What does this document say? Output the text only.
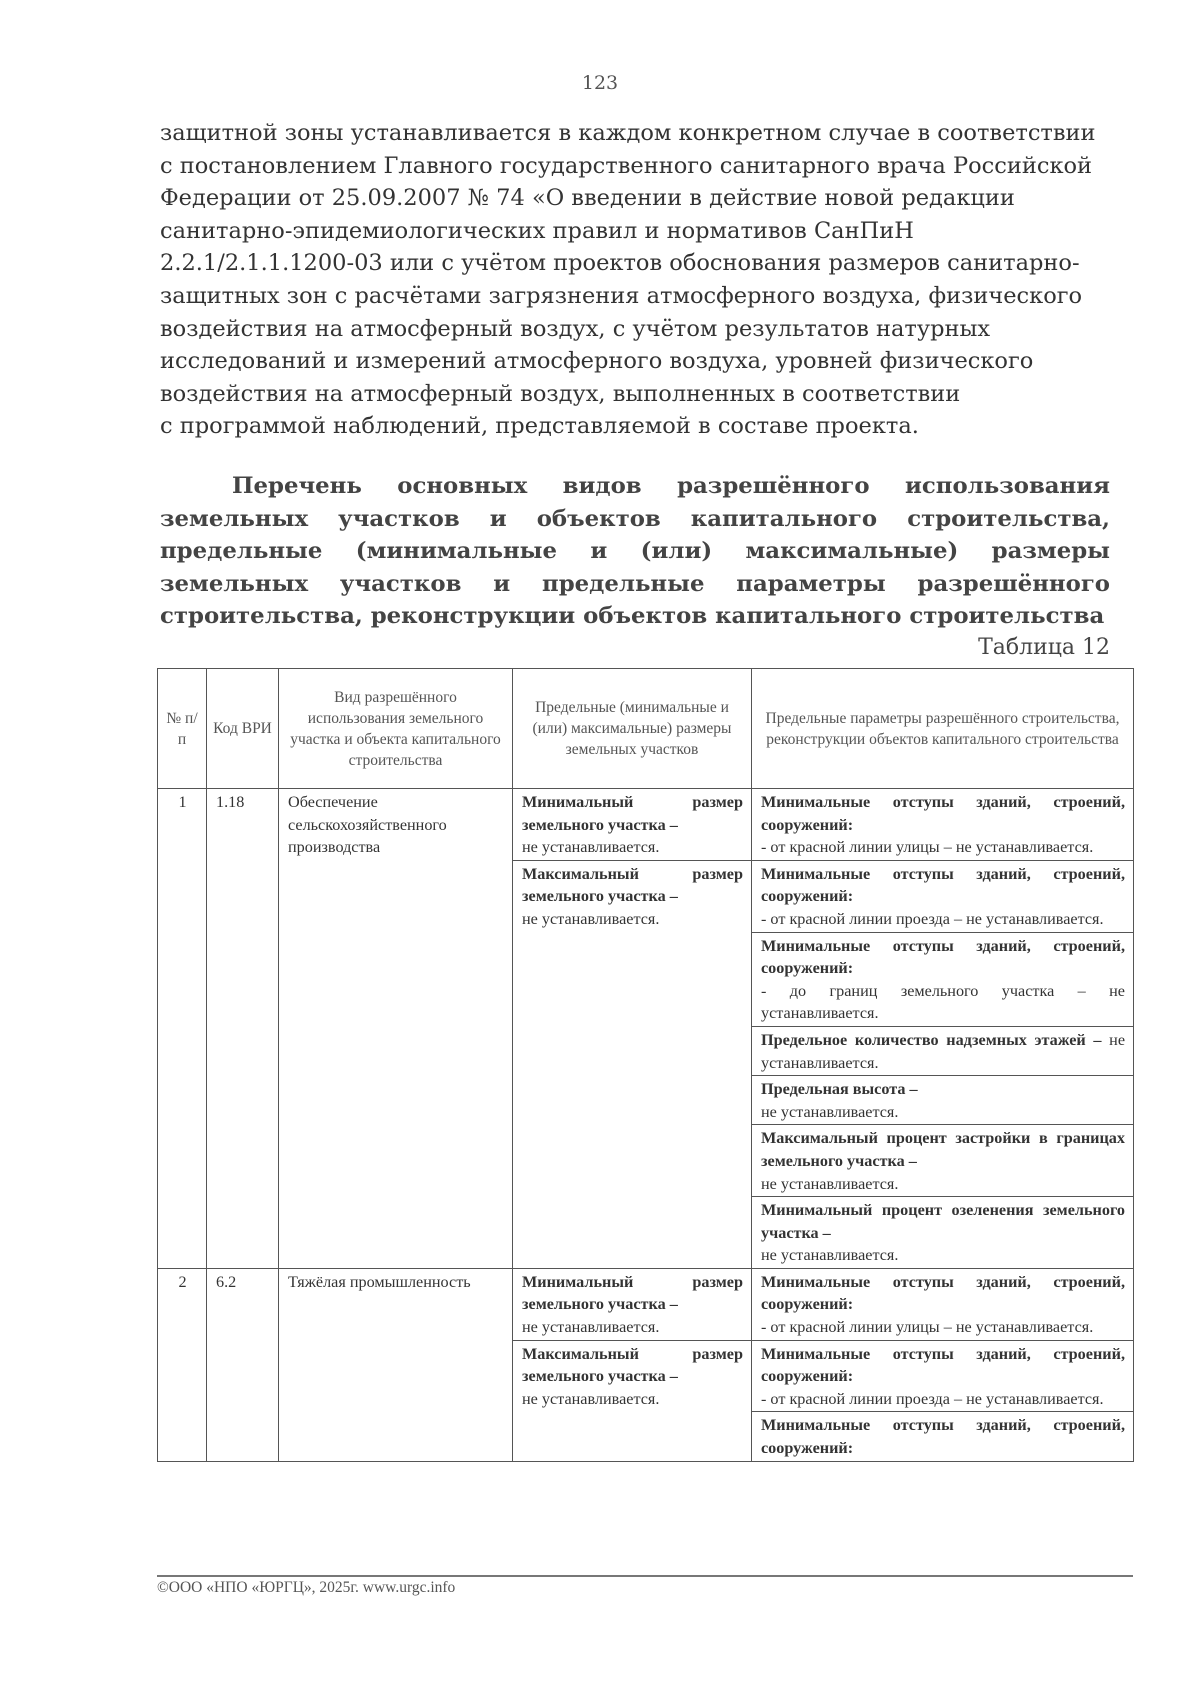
123

защитной зоны устанавливается в каждом конкретном случае в соответствии

с постановлением Главного государственного санитарного врача Российской

Федерации от 25.09.2007 № 74 «О введении в действие новой редакции

санитарно-эпидемиологических правил и нормативов СанПиН

2.2.1/2.1.1.1200-03 или с учётом проектов обоснования размеров санитарно-

защитных зон с расчётами загрязнения атмосферного воздуха, физического

воздействия на атмосферный воздух, с учётом результатов натурных

исследований и измерений атмосферного воздуха, уровней физического

воздействия на атмосферный воздух, выполненных в соответствии

с программой наблюдений, представляемой в составе проекта.

Перечень основных видов разрешённого использования земельных участков и объектов капитального строительства, предельные (минимальные и (или) максимальные) размеры земельных участков и предельные параметры разрешённого строительства, реконструкции объектов капитального строительства

Таблица 12
№ п/п	Код ВРИ	Вид разрешённого использования земельного участка и объекта капитального строительства	Предельные (минимальные и (или) максимальные) размеры земельных участков	Предельные параметры разрешённого строительства, реконструкции объектов капитального строительства
1	1.18	Обеспечение сельскохозяйственного производства	Минимальный размер земельного участка –
не устанавливается.	Минимальные отступы зданий, строений, сооружений:
- от красной линии улицы – не устанавливается.
			Максимальный размер земельного участка –
не устанавливается.	Минимальные отступы зданий, строений, сооружений:
- от красной линии проезда – не устанавливается.
				Минимальные отступы зданий, строений, сооружений:
- до границ земельного участка – не устанавливается.
				Предельное количество надземных этажей – не устанавливается.
				Предельная высота –
не устанавливается.
				Максимальный процент застройки в границах земельного участка –
не устанавливается.
				Минимальный процент озеленения земельного участка –
не устанавливается.
2	6.2	Тяжёлая промышленность	Минимальный размер земельного участка –
не устанавливается.	Минимальные отступы зданий, строений, сооружений:
- от красной линии улицы – не устанавливается.
			Максимальный размер земельного участка –
не устанавливается.	Минимальные отступы зданий, строений, сооружений:
- от красной линии проезда – не устанавливается.
				Минимальные отступы зданий, строений, сооружений:
©ООО «НПО «ЮРГЦ», 2025г. www.urgc.info
